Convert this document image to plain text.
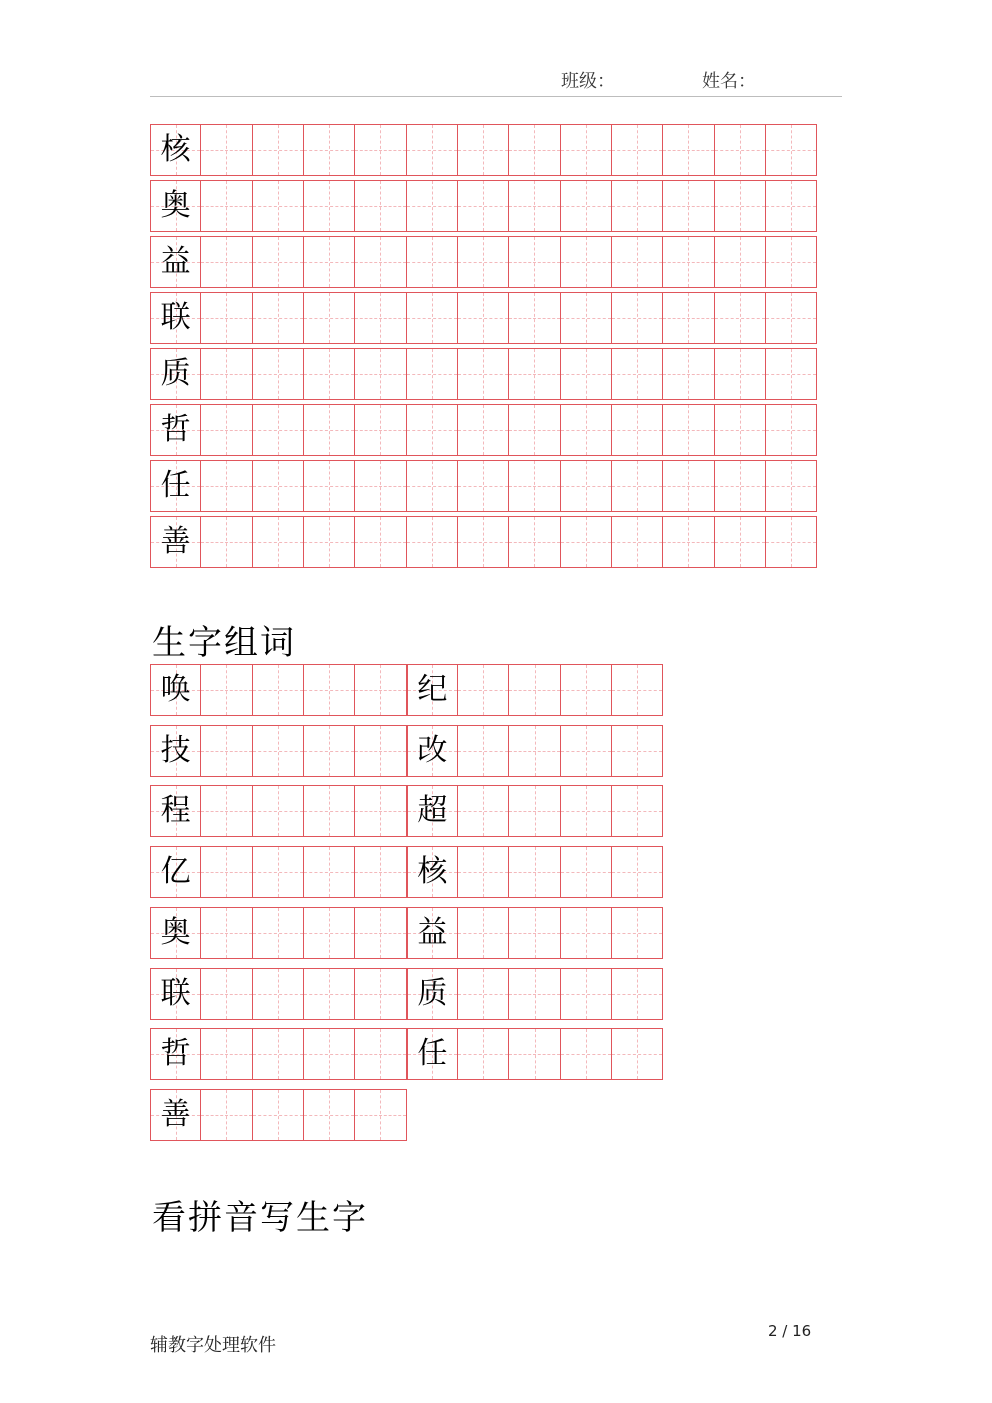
班级：	姓名：
核
奥
益
联
质
哲
任
善
生字组词
唤	纪
技	改
程	超
亿	核
奥	益
联	质
哲	任
善
看拼音写生字
辅教字处理软件
2 / 16
